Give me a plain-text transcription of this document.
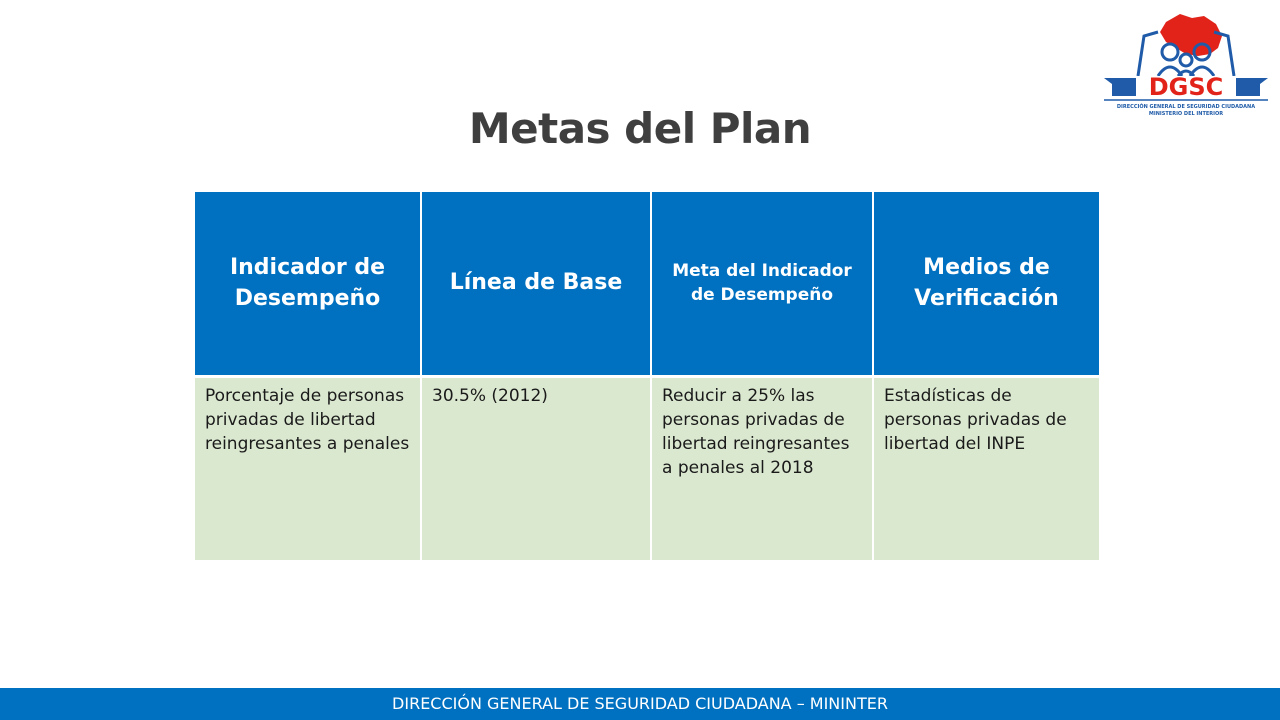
DGSC
DIRECCIÓN GENERAL DE SEGURIDAD CIUDADANA
MINISTERIO DEL INTERIOR
Metas del Plan
Indicador de Desempeño	Línea de Base	Meta del Indicador de Desempeño	Medios de Verificación
Porcentaje de personas privadas de libertad reingresantes a penales	30.5% (2012)	Reducir a 25% las personas privadas de libertad reingresantes a penales al 2018	Estadísticas de personas privadas de libertad del INPE
DIRECCIÓN GENERAL DE SEGURIDAD CIUDADANA – MININTER
